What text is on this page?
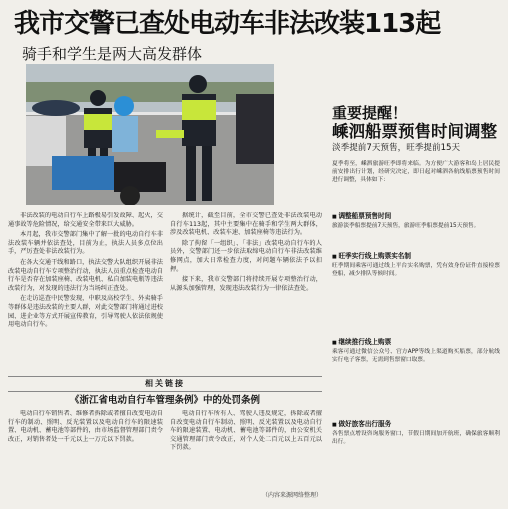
我市交警已查处电动车非法改装113起
骑手和学生是两大高发群体

非法改装的电动自行车上路极易引发故障、起火，交通事故等危险情况，给交通安全带来巨大威胁。

本月起，我市交警部门集中了解一批的电动自行车非法改装车辆并依法查处，目前为止，执法人员多点位出手，严厉查处非法改装行为。

在各大交通干线和路口，执法交警大队组织开展非法改装电动自行车专项整治行动，执法人员重点检查电动自行车是否存在加装座椅、改装电机、私自加装电瓶等违法改装行为，对发现的违法行为当场纠正查处。

在走访巡查中民警发现，中职及高校学生、外卖骑手等群体是违法改装的主要人群，对此交警部门将通过进校园、进企业等方式开展宣传教育，引导驾驶人依法依规使用电动自行车。

据统计，截至目前，全市交警已查处非法改装电动自行车113起，其中主要集中在骑手和学生两大群体，涉及改装电机、改装车速、加装座椅等违法行为。

除了拘留「一组织」、「非法」改装电动自行车的人员外，交警部门还一步依法取缔电动自行车非法改装维修网点，加大日常检查力度，对问题车辆依法予以扣押。

接下来，我市交警部门将持续开展专项整治行动，从源头加强管理，发现违法改装行为一律依法查处。

相关链接
《浙江省电动自行车管理条例》中的处罚条例

电动自行车销售者、维修者拆除或者擅自改变电动自行车的制动、照明、反光装置以及电动自行车的限速装置、电动机、蓄电池等部件的，由市场监督管理部门责令改正，对销售者处一千元以上一万元以下罚款。

电动自行车所有人、驾驶人违反规定，拆除或者擅自改变电动自行车制动、照明、反光装置以及电动自行车的限速装置、电动机、蓄电池等部件的，由公安机关交通管理部门责令改正，对个人处二百元以上五百元以下罚款。

（内容来源网络整理）
重要提醒！
嵊泗船票预售时间调整
淡季提前7天预售，旺季提前15天
夏季将至，嵊泗旅游旺季即将来临。为方便广大游客和岛上居民提前安排出行计划，经研究决定，即日起对嵊泗各航线船票预售时间进行调整，具体如下：
■ 调整船票预售时间
旅游淡季船票提前7天预售，旅游旺季船票提前15天预售。
■ 旺季实行线上购票实名制
旺季期间乘客可通过线上平台实名购票，凭有效身份证件直接检票登船，减少排队等候时间。
■ 继续推行线上购票
乘客可通过微信公众号、官方APP等线上渠道购买船票，部分航线实行电子客票，无需到售票窗口取票。
■ 做好旅客出行服务
各售票点增设咨询服务窗口，节假日期间加开航班，确保旅客顺利出行。
